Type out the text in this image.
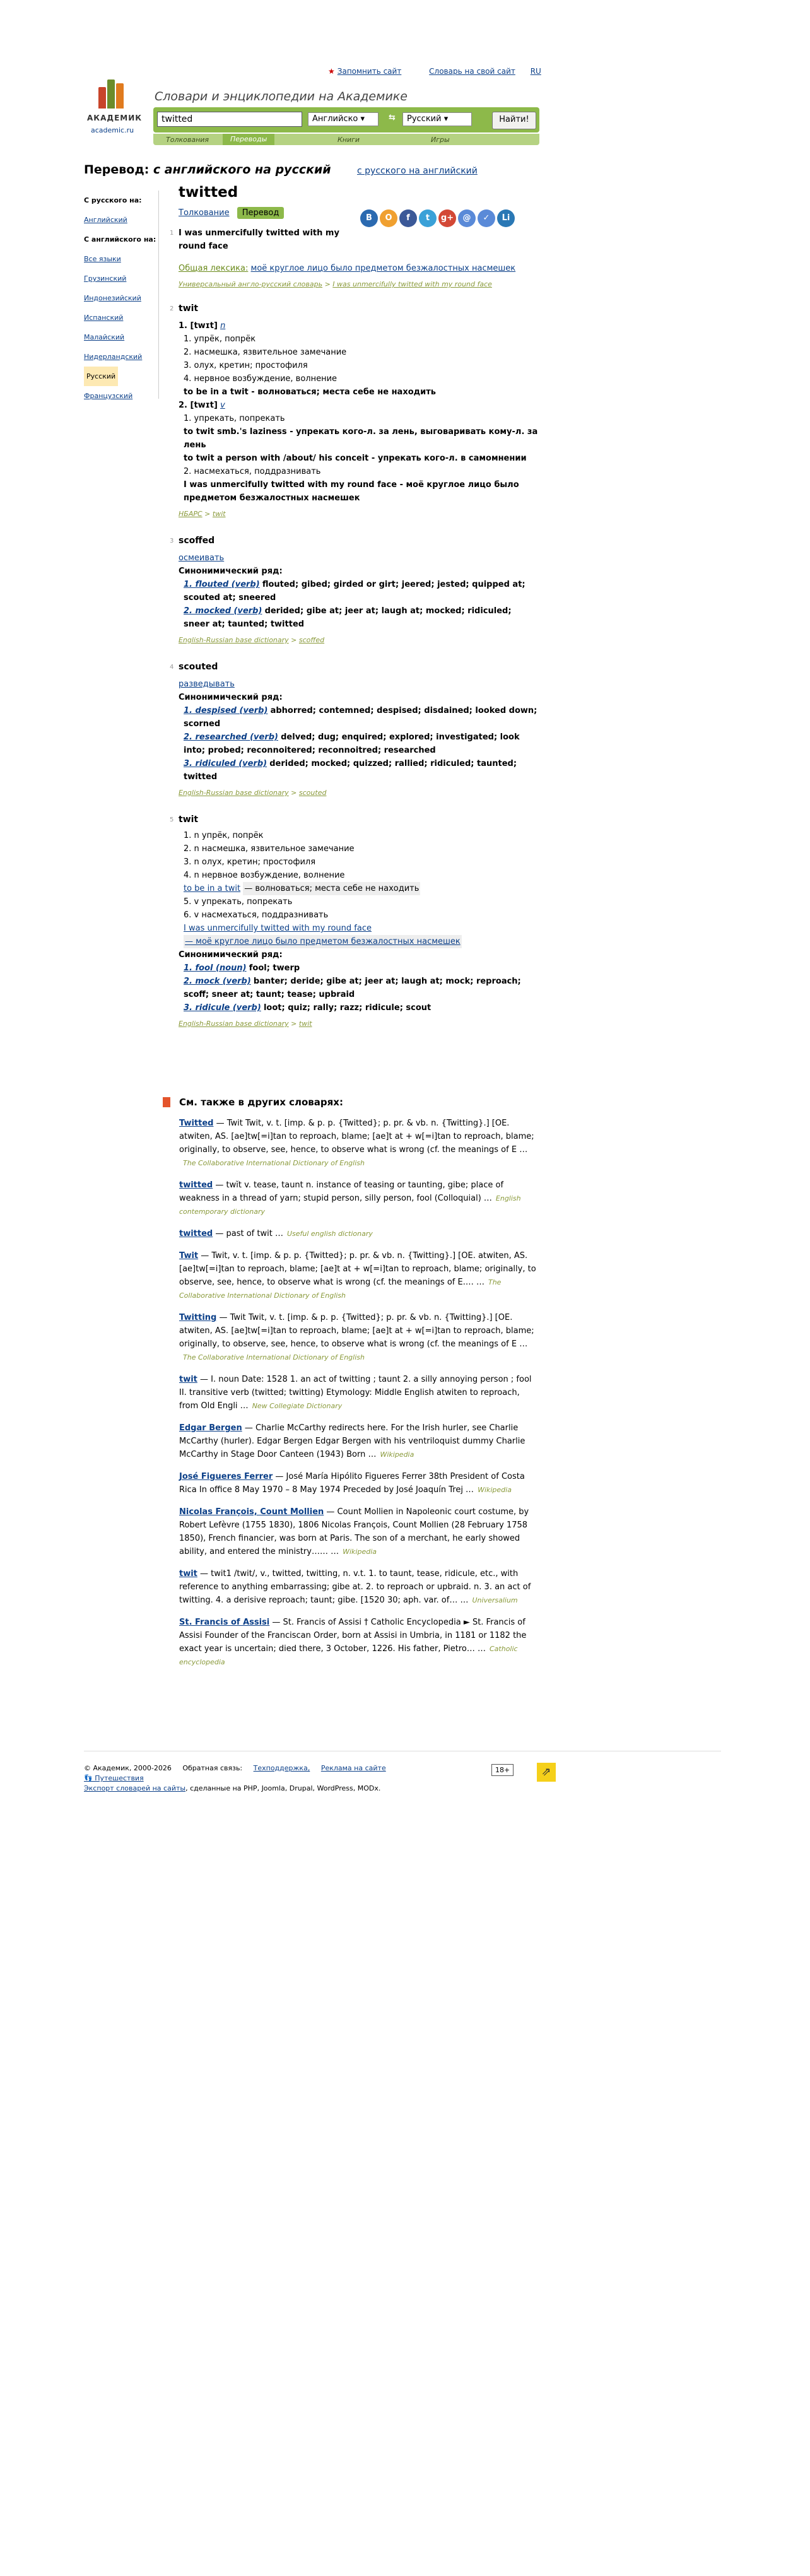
★ Запомнить сайт	Словарь на свой сайт RU
АКАДЕМИК
academic.ru
Словари и энциклопедии на Академике
twitted
Английско ▾	⇆	Русский ▾	Найти!
Толкования	Переводы	Книги	Игры
Перевод: с английского на русский	с русского на английский
С русского на:
Английский
С английского на:
Все языки
Грузинский
Индонезийский
Испанский
Малайский
Нидерландский
Русский
Французский
twitted
Толкование Перевод
В О f t g+ @ ✓ Li
1 I was unmercifully twitted with my round face
Общая лексика: моё круглое лицо было предметом безжалостных насмешек
Универсальный англо-русский словарь > I was unmercifully twitted with my round face
2 twit
1. [twɪt] n
1. упрёк, попрёк
2. насмешка, язвительное замечание
3. олух, кретин; простофиля
4. нервное возбуждение, волнение
to be in a twit - волноваться; места себе не находить
2. [twɪt] v
1. упрекать, попрекать
to twit smb.'s laziness - упрекать кого-л. за лень, выговаривать кому-л. за лень
to twit a person with /about/ his conceit - упрекать кого-л. в самомнении
2. насмехаться, поддразнивать
I was unmercifully twitted with my round face - моё круглое лицо было предметом безжалостных насмешек
НБАРС > twit
3 scoffed
осмеивать
Синонимический ряд:
1. flouted (verb) flouted; gibed; girded or girt; jeered; jested; quipped at; scouted at; sneered
2. mocked (verb) derided; gibe at; jeer at; laugh at; mocked; ridiculed; sneer at; taunted; twitted
English-Russian base dictionary > scoffed
4 scouted
разведывать
Синонимический ряд:
1. despised (verb) abhorred; contemned; despised; disdained; looked down; scorned
2. researched (verb) delved; dug; enquired; explored; investigated; look into; probed; reconnoitered; reconnoitred; researched
3. ridiculed (verb) derided; mocked; quizzed; rallied; ridiculed; taunted; twitted
English-Russian base dictionary > scouted
5 twit
1. n упрёк, попрёк
2. n насмешка, язвительное замечание
3. n олух, кретин; простофиля
4. n нервное возбуждение, волнение
to be in a twit — волноваться; места себе не находить
5. v упрекать, попрекать
6. v насмехаться, поддразнивать
I was unmercifully twitted with my round face — моё круглое лицо было предметом безжалостных насмешек
Синонимический ряд:
1. fool (noun) fool; twerp
2. mock (verb) banter; deride; gibe at; jeer at; laugh at; mock; reproach; scoff; sneer at; taunt; tease; upbraid
3. ridicule (verb) loot; quiz; rally; razz; ridicule; scout
English-Russian base dictionary > twit
См. также в других словарях:
Twitted — Twit Twit, v. t. [imp. & p. p. {Twitted}; p. pr. & vb. n. {Twitting}.] [OE. atwiten, AS. [ae]tw[=i]tan to reproach, blame; [ae]t at + w[=i]tan to reproach, blame; originally, to observe, see, hence, to observe what is wrong (cf. the meanings of E …The Collaborative International Dictionary of English
twitted — twĭt v. tease, taunt n. instance of teasing or taunting, gibe; place of weakness in a thread of yarn; stupid person, silly person, fool (Colloquial) … English contemporary dictionary
twitted — past of twit … Useful english dictionary
Twit — Twit, v. t. [imp. & p. p. {Twitted}; p. pr. & vb. n. {Twitting}.] [OE. atwiten, AS. [ae]tw[=i]tan to reproach, blame; [ae]t at + w[=i]tan to reproach, blame; originally, to observe, see, hence, to observe what is wrong (cf. the meanings of E.… … The Collaborative International Dictionary of English
Twitting — Twit Twit, v. t. [imp. & p. p. {Twitted}; p. pr. & vb. n. {Twitting}.] [OE. atwiten, AS. [ae]tw[=i]tan to reproach, blame; [ae]t at + w[=i]tan to reproach, blame; originally, to observe, see, hence, to observe what is wrong (cf. the meanings of E …The Collaborative International Dictionary of English
twit — I. noun Date: 1528 1. an act of twitting ; taunt 2. a silly annoying person ; fool II. transitive verb (twitted; twitting) Etymology: Middle English atwiten to reproach, from Old Engli … New Collegiate Dictionary
Edgar Bergen — Charlie McCarthy redirects here. For the Irish hurler, see Charlie McCarthy (hurler). Edgar Bergen Edgar Bergen with his ventriloquist dummy Charlie McCarthy in Stage Door Canteen (1943) Born … Wikipedia
José Figueres Ferrer — José María Hipólito Figueres Ferrer 38th President of Costa Rica In office 8 May 1970 – 8 May 1974 Preceded by José Joaquín Trej … Wikipedia
Nicolas François, Count Mollien — Count Mollien in Napoleonic court costume, by Robert Lefèvre (1755 1830), 1806 Nicolas François, Count Mollien (28 February 1758 1850), French financier, was born at Paris. The son of a merchant, he early showed ability, and entered the ministry…… … Wikipedia
twit — twit1 /twit/, v., twitted, twitting, n. v.t. 1. to taunt, tease, ridicule, etc., with reference to anything embarrassing; gibe at. 2. to reproach or upbraid. n. 3. an act of twitting. 4. a derisive reproach; taunt; gibe. [1520 30; aph. var. of… … Universalium
St. Francis of Assisi — St. Francis of Assisi † Catholic Encyclopedia ► St. Francis of Assisi Founder of the Franciscan Order, born at Assisi in Umbria, in 1181 or 1182 the exact year is uncertain; died there, 3 October, 1226. His father, Pietro… … Catholic encyclopedia
© Академик, 2000-2026 Обратная связь: Техподдержка, Реклама на сайте
👣 Путешествия
Экспорт словарей на сайты, сделанные на PHP, Joomla, Drupal, WordPress, MODx.
18+	⇗
